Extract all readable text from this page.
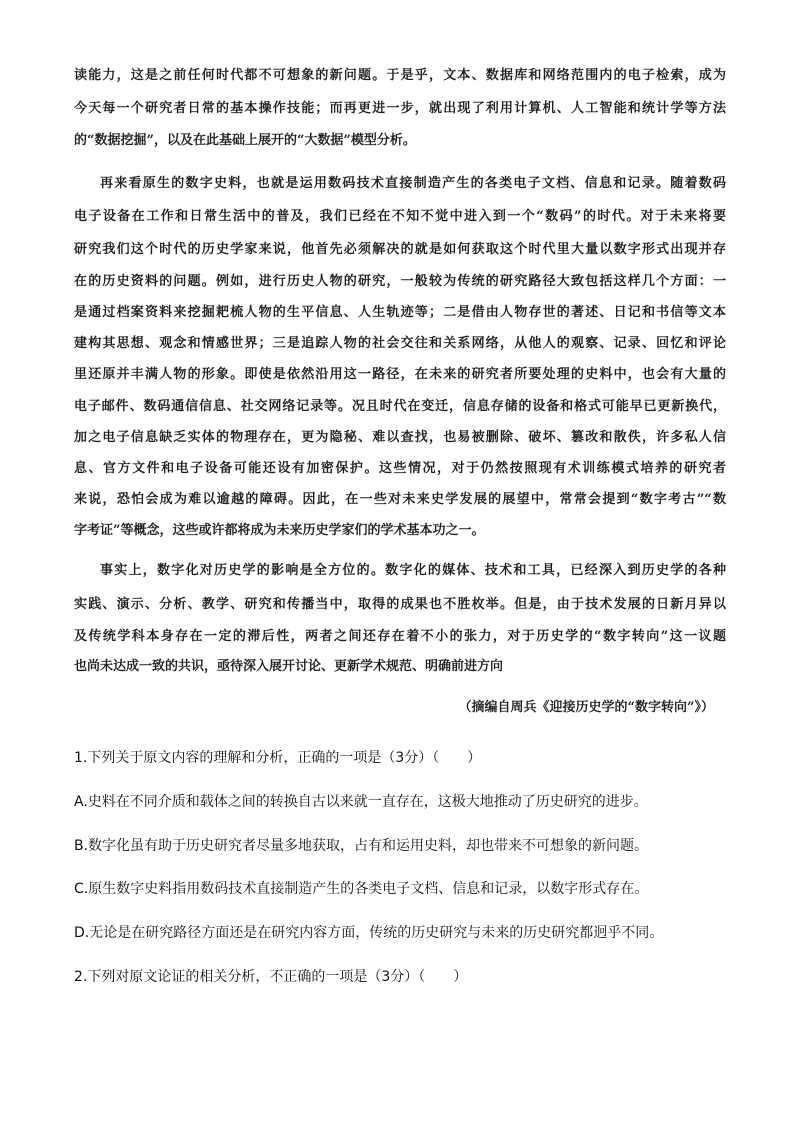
读能力，这是之前任何时代都不可想象的新问题。于是乎，文本、数据库和网络范围内的电子检索，成为
今天每一个研究者日常的基本操作技能；而再更进一步，就出现了利用计算机、人工智能和统计学等方法
的“数据挖掘”，以及在此基础上展开的“大数据”模型分析。
再来看原生的数字史料，也就是运用数码技术直接制造产生的各类电子文档、信息和记录。随着数码
电子设备在工作和日常生活中的普及，我们已经在不知不觉中进入到一个“数码”的时代。对于未来将要
研究我们这个时代的历史学家来说，他首先必须解决的就是如何获取这个时代里大量以数字形式出现并存
在的历史资料的问题。例如，进行历史人物的研究，一般较为传统的研究路径大致包括这样几个方面：一
是通过档案资料来挖掘耙梳人物的生平信息、人生轨迹等；二是借由人物存世的著述、日记和书信等文本
建构其思想、观念和情感世界；三是追踪人物的社会交往和关系网络，从他人的观察、记录、回忆和评论
里还原并丰满人物的形象。即使是依然沿用这一路径，在未来的研究者所要处理的史料中，也会有大量的
电子邮件、数码通信信息、社交网络记录等。况且时代在变迁，信息存储的设备和格式可能早已更新换代，
加之电子信息缺乏实体的物理存在，更为隐秘、难以查找，也易被删除、破坏、篡改和散佚，许多私人信
息、官方文件和电子设备可能还设有加密保护。这些情况，对于仍然按照现有术训练模式培养的研究者
来说，恐怕会成为难以逾越的障碍。因此，在一些对未来史学发展的展望中，常常会提到“数字考古”“数
字考证”等概念，这些或许都将成为未来历史学家们的学术基本功之一。
事实上，数字化对历史学的影响是全方位的。数字化的媒体、技术和工具，已经深入到历史学的各种
实践、演示、分析、教学、研究和传播当中，取得的成果也不胜枚举。但是，由于技术发展的日新月异以
及传统学科本身存在一定的滞后性，两者之间还存在着不小的张力，对于历史学的“数字转向”这一议题
也尚未达成一致的共识，亟待深入展开讨论、更新学术规范、明确前进方向
（摘编自周兵《迎接历史学的“数字转向”》）
1.下列关于原文内容的理解和分析，正确的一项是（3分）（　　）
A.史料在不同介质和载体之间的转换自古以来就一直存在，这极大地推动了历史研究的进步。
B.数字化虽有助于历史研究者尽量多地获取，占有和运用史料，却也带来不可想象的新问题。
C.原生数字史料指用数码技术直接制造产生的各类电子文档、信息和记录，以数字形式存在。
D.无论是在研究路径方面还是在研究内容方面，传统的历史研究与未来的历史研究都迥乎不同。
2.下列对原文论证的相关分析，不正确的一项是（3分）（　　）
